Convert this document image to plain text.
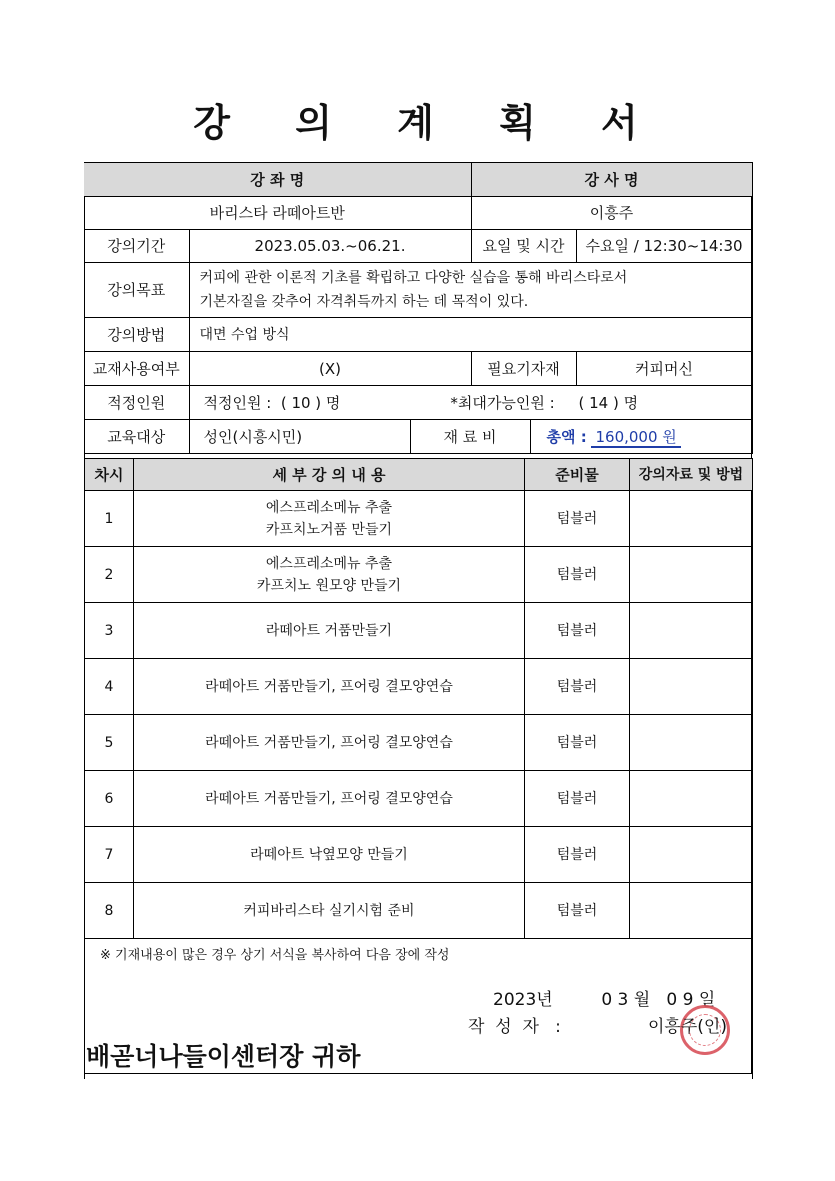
강 의 계 획 서
강 좌 명			강 사 명		
바리스타 라떼아트반			이흥주		
강의기간	2023.05.03.~06.21.		요일 및 시간		수요일 / 12:30~14:30
강의목표	커피에 관한 이론적 기초를 확립하고 다양한 실습을 통해 바리스타로서
기본자질을 갖추어 자격취득까지 하는 데 목적이 있다.				

강의방법	대면 수업 방식				
교재사용여부	(X)		필요기자재		커피머신
적정인원	적정인원 :  ( 10 ) 명 *최대가능인원 :     ( 14 ) 명				
교육대상	성인(시흥시민)	재 료 비		총액 : 160,000 원	
차시	세 부 강 의 내 용	준비물	강의자료 및 방법
1	에스프레소메뉴 추출
카프치노거품 만들기	텀블러	
2	에스프레소메뉴 추출
카프치노 원모양 만들기	텀블러	
3	라떼아트 거품만들기	텀블러	
4	라떼아트 거품만들기, 프어링 결모양연습	텀블러	
5	라떼아트 거품만들기, 프어링 결모양연습	텀블러	
6	라떼아트 거품만들기, 프어링 결모양연습	텀블러	
7	라떼아트 낙옆모양 만들기	텀블러	
8	커피바리스타 실기시험 준비	텀블러	

※ 기재내용이 많은 경우 상기 서식을 복사하여 다음 장에 작성
2023년         0 3 월   0 9 일
작  성  자   :	이흥주(인)
배곧너나들이센터장 귀하
